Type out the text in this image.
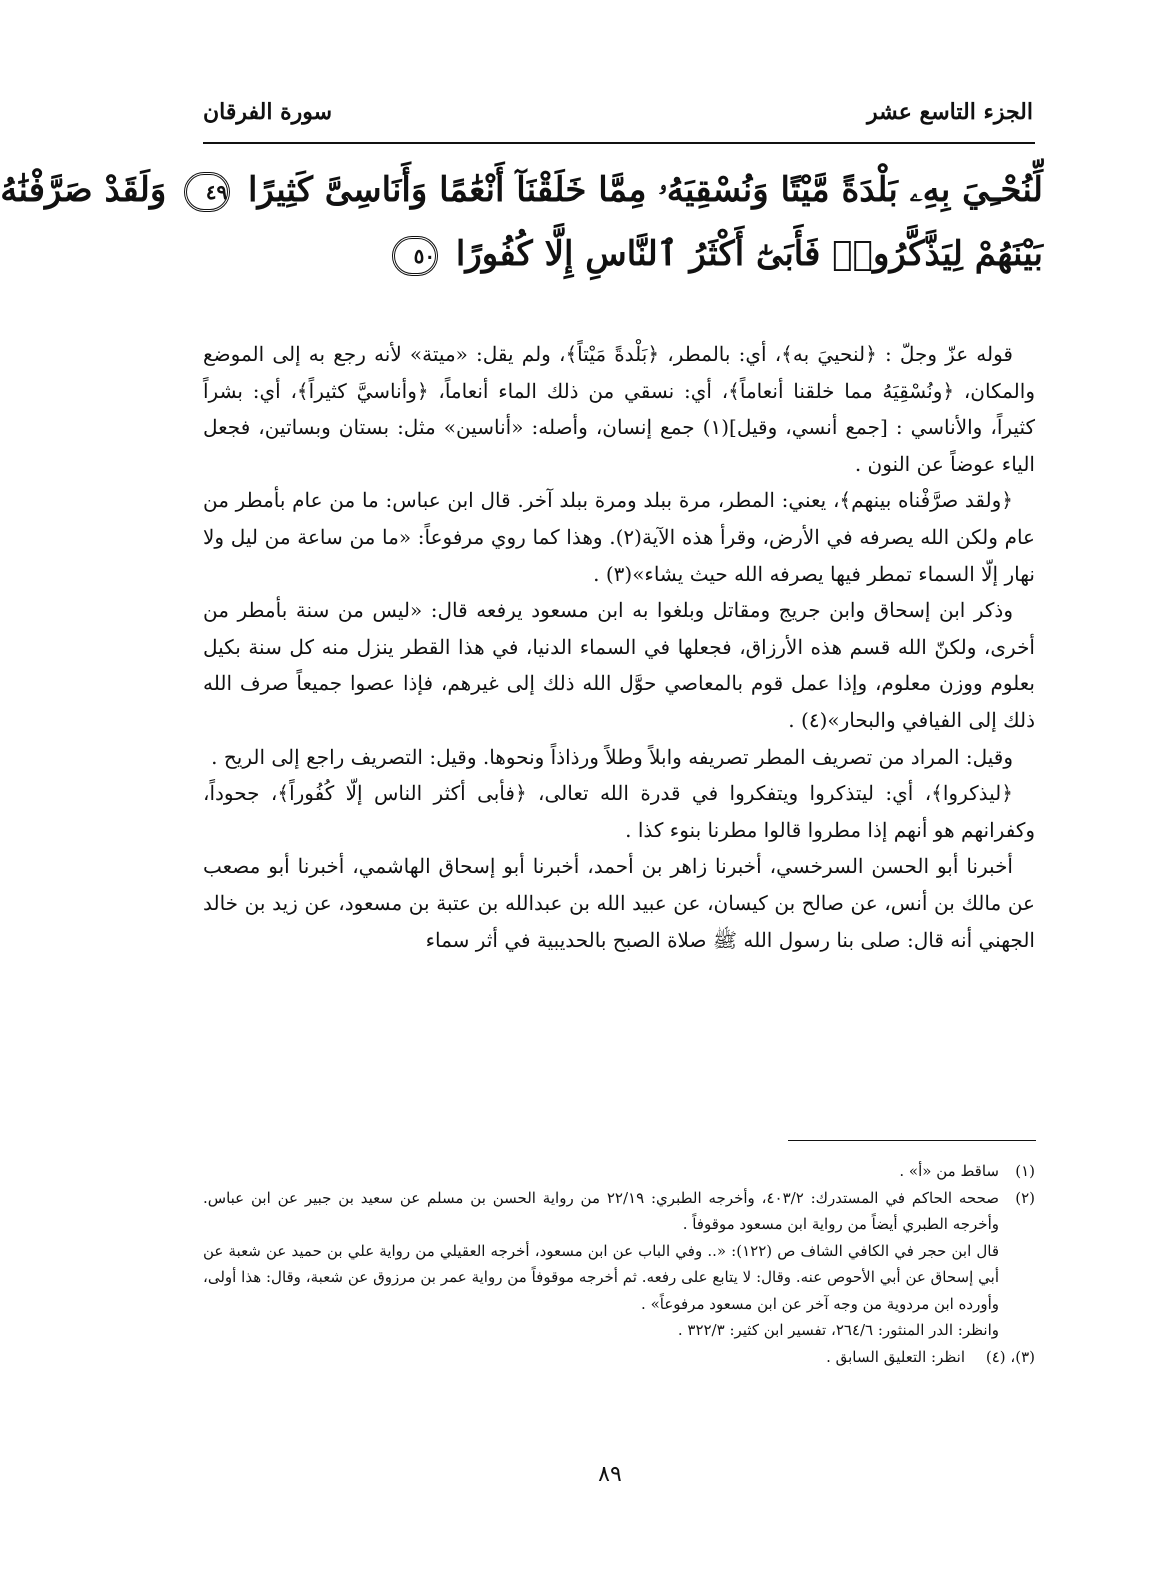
الجزء التاسع عشر
سورة الفرقان

لِّنُحْـِيَ بِهِۦ بَلْدَةً مَّيْتًا وَنُسْقِيَهُۥ مِمَّا خَلَقْنَآ أَنْعَٰمًا وَأَنَاسِىَّ كَثِيرًا ٤٩ وَلَقَدْ صَرَّفْنَٰهُ

بَيْنَهُمْ لِيَذَّكَّرُوا۟ فَأَبَىٰٓ أَكْثَرُ ٱلنَّاسِ إِلَّا كُفُورًا ٥٠

قوله عزّ وجلّ : ﴿لنحييَ به﴾، أي: بالمطر، ﴿بَلْدةً مَيْتاً﴾، ولم يقل: «ميتة» لأنه رجع به إلى الموضع والمكان، ﴿ونُسْقِيَهُ مما خلقنا أنعاماً﴾، أي: نسقي من ذلك الماء أنعاماً، ﴿وأناسيَّ كثيراً﴾، أي: بشراً كثيراً، والأناسي : [جمع أنسي، وقيل](١) جمع إنسان، وأصله: «أناسين» مثل: بستان وبساتين، فجعل الياء عوضاً عن النون .

﴿ولقد صرَّفْناه بينهم﴾، يعني: المطر، مرة ببلد ومرة ببلد آخر. قال ابن عباس: ما من عام بأمطر من عام ولكن الله يصرفه في الأرض، وقرأ هذه الآية(٢). وهذا كما روي مرفوعاً: «ما من ساعة من ليل ولا نهار إلّا السماء تمطر فيها يصرفه الله حيث يشاء»(٣) .

وذكر ابن إسحاق وابن جريج ومقاتل وبلغوا به ابن مسعود يرفعه قال: «ليس من سنة بأمطر من أخرى، ولكنّ الله قسم هذه الأرزاق، فجعلها في السماء الدنيا، في هذا القطر ينزل منه كل سنة بكيل بعلوم ووزن معلوم، وإذا عمل قوم بالمعاصي حوَّل الله ذلك إلى غيرهم، فإذا عصوا جميعاً صرف الله ذلك إلى الفيافي والبحار»(٤) .

وقيل: المراد من تصريف المطر تصريفه وابلاً وطلاً ورذاذاً ونحوها. وقيل: التصريف راجع إلى الريح .

﴿ليذكروا﴾، أي: ليتذكروا ويتفكروا في قدرة الله تعالى، ﴿فأبى أكثر الناس إلّا كُفُوراً﴾، جحوداً، وكفرانهم هو أنهم إذا مطروا قالوا مطرنا بنوء كذا .

أخبرنا أبو الحسن السرخسي، أخبرنا زاهر بن أحمد، أخبرنا أبو إسحاق الهاشمي، أخبرنا أبو مصعب عن مالك بن أنس، عن صالح بن كيسان، عن عبيد الله بن عبدالله بن عتبة بن مسعود، عن زيد بن خالد الجهني أنه قال: صلى بنا رسول الله ﷺ صلاة الصبح بالحديبية في أثر سماء

(١)
ساقط من «أ» .
(٢)
صححه الحاكم في المستدرك: ٤٠٣/٢، وأخرجه الطبري: ٢٢/١٩ من رواية الحسن بن مسلم عن سعيد بن جبير عن ابن عباس. وأخرجه الطبري أيضاً من رواية ابن مسعود موقوفاً .
قال ابن حجر في الكافي الشاف ص (١٢٢): «.. وفي الباب عن ابن مسعود، أخرجه العقيلي من رواية علي بن حميد عن شعبة عن أبي إسحاق عن أبي الأحوص عنه. وقال: لا يتابع على رفعه. ثم أخرجه موقوفاً من رواية عمر بن مرزوق عن شعبة، وقال: هذا أولى، وأورده ابن مردوية من وجه آخر عن ابن مسعود مرفوعاً» .
وانظر: الدر المنثور: ٢٦٤/٦، تفسير ابن كثير: ٣٢٢/٣ .
(٣)، (٤)
انظر: التعليق السابق .
٨٩
